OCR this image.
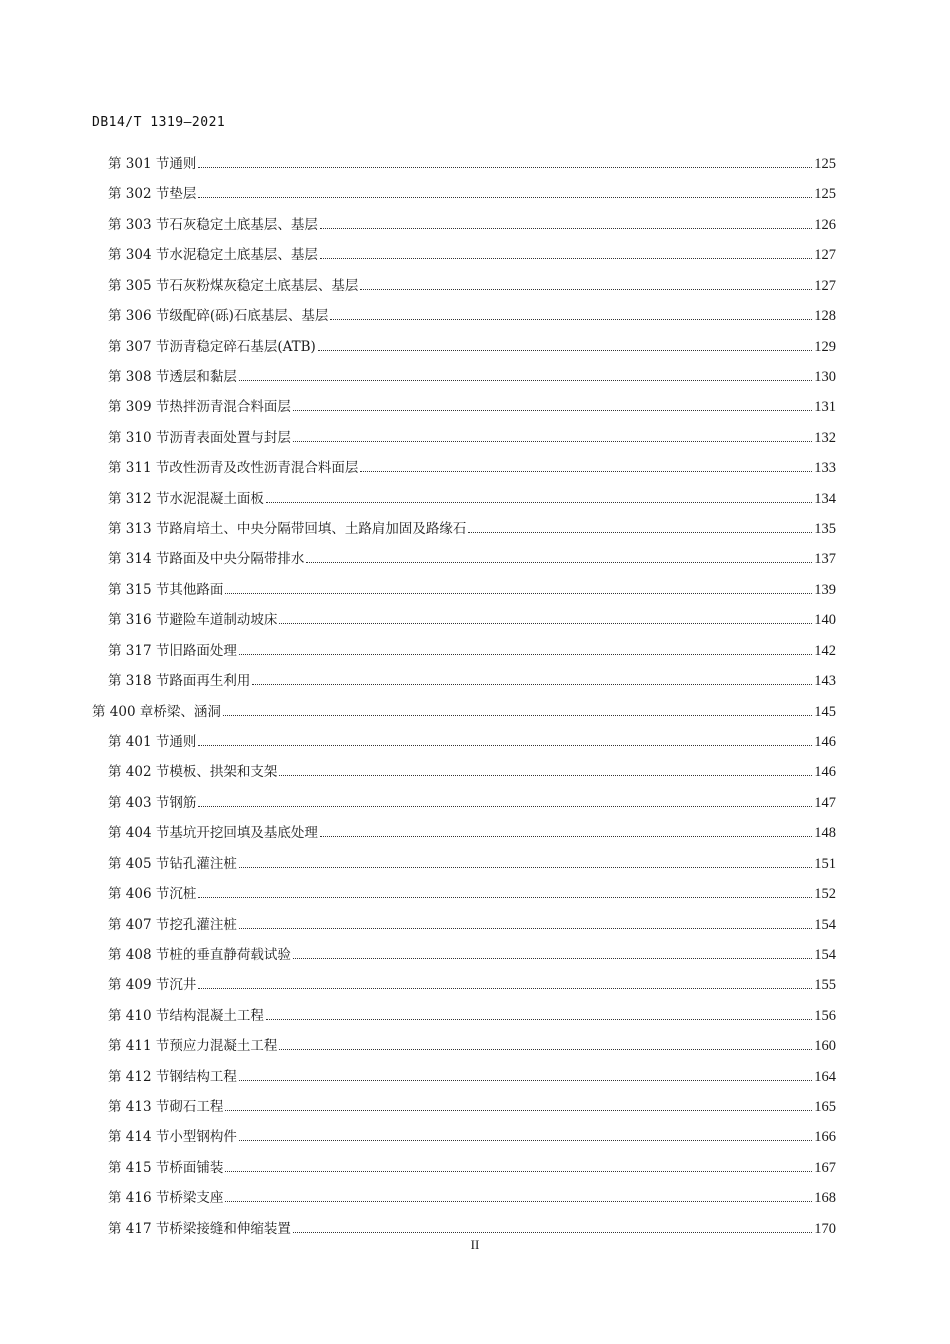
DB14/T 1319—2021
第 301 节通则	125
第 302 节垫层	125
第 303 节石灰稳定土底基层、基层	126
第 304 节水泥稳定土底基层、基层	127
第 305 节石灰粉煤灰稳定土底基层、基层	127
第 306 节级配碎(砾)石底基层、基层	128
第 307 节沥青稳定碎石基层(ATB)	129
第 308 节透层和黏层	130
第 309 节热拌沥青混合料面层	131
第 310 节沥青表面处置与封层	132
第 311 节改性沥青及改性沥青混合料面层	133
第 312 节水泥混凝土面板	134
第 313 节路肩培土、中央分隔带回填、土路肩加固及路缘石	135
第 314 节路面及中央分隔带排水	137
第 315 节其他路面	139
第 316 节避险车道制动坡床	140
第 317 节旧路面处理	142
第 318 节路面再生利用	143
第 400 章桥梁、涵洞	145
第 401 节通则	146
第 402 节模板、拱架和支架	146
第 403 节钢筋	147
第 404 节基坑开挖回填及基底处理	148
第 405 节钻孔灌注桩	151
第 406 节沉桩	152
第 407 节挖孔灌注桩	154
第 408 节桩的垂直静荷载试验	154
第 409 节沉井	155
第 410 节结构混凝土工程	156
第 411 节预应力混凝土工程	160
第 412 节钢结构工程	164
第 413 节砌石工程	165
第 414 节小型钢构件	166
第 415 节桥面铺装	167
第 416 节桥梁支座	168
第 417 节桥梁接缝和伸缩装置	170
II
